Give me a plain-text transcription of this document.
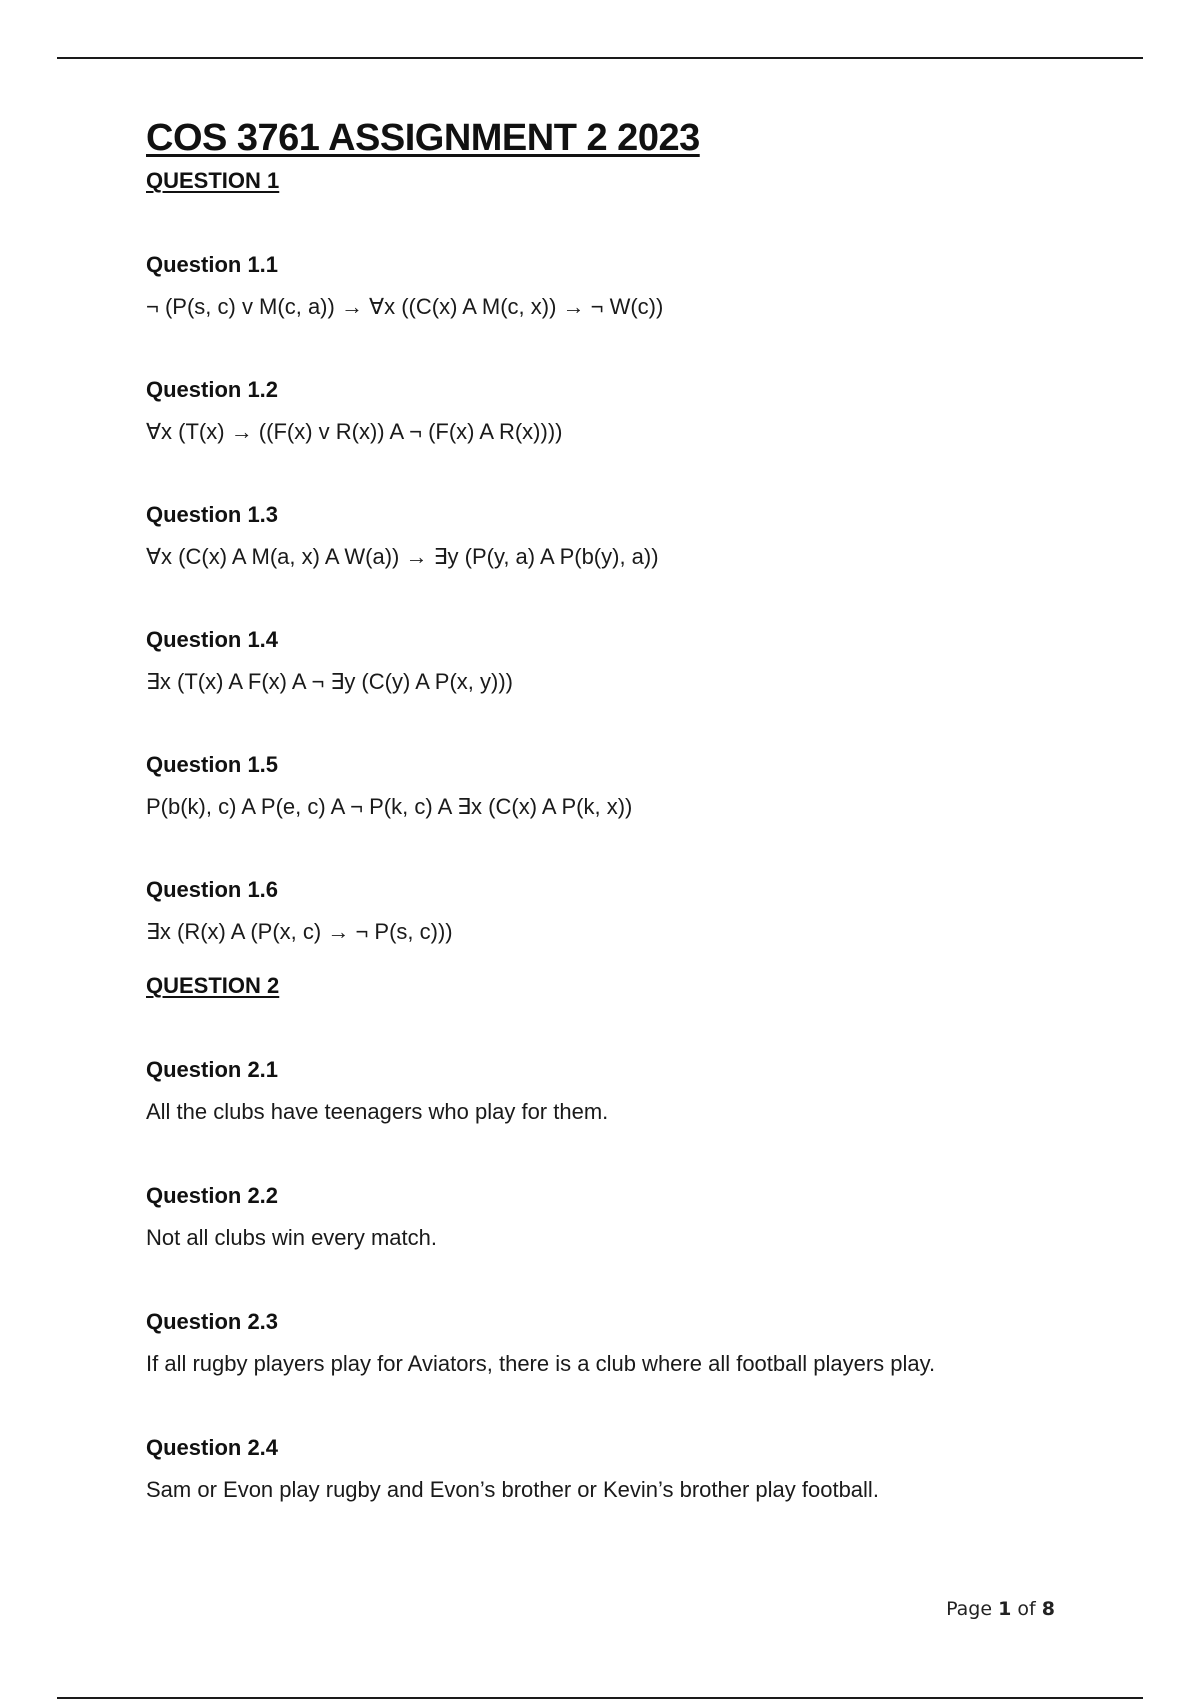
COS 3761 ASSIGNMENT 2 2023
QUESTION 1

Question 1.1

¬ (P(s, c) v M(c, a)) → ∀x ((C(x) A M(c, x)) → ¬ W(c))

Question 1.2

∀x (T(x) → ((F(x) v R(x)) A ¬ (F(x) A R(x))))

Question 1.3

∀x (C(x) A M(a, x) A W(a)) → ∃y (P(y, a) A P(b(y), a))

Question 1.4

∃x (T(x) A F(x) A ¬ ∃y (C(y) A P(x, y)))

Question 1.5

P(b(k), c) A P(e, c) A ¬ P(k, c) A ∃x (C(x) A P(k, x))

Question 1.6

∃x (R(x) A (P(x, c) → ¬ P(s, c)))

QUESTION 2

Question 2.1

All the clubs have teenagers who play for them.

Question 2.2

Not all clubs win every match.

Question 2.3

If all rugby players play for Aviators, there is a club where all football players play.

Question 2.4

Sam or Evon play rugby and Evon’s brother or Kevin’s brother play football.

Page 1 of 8
